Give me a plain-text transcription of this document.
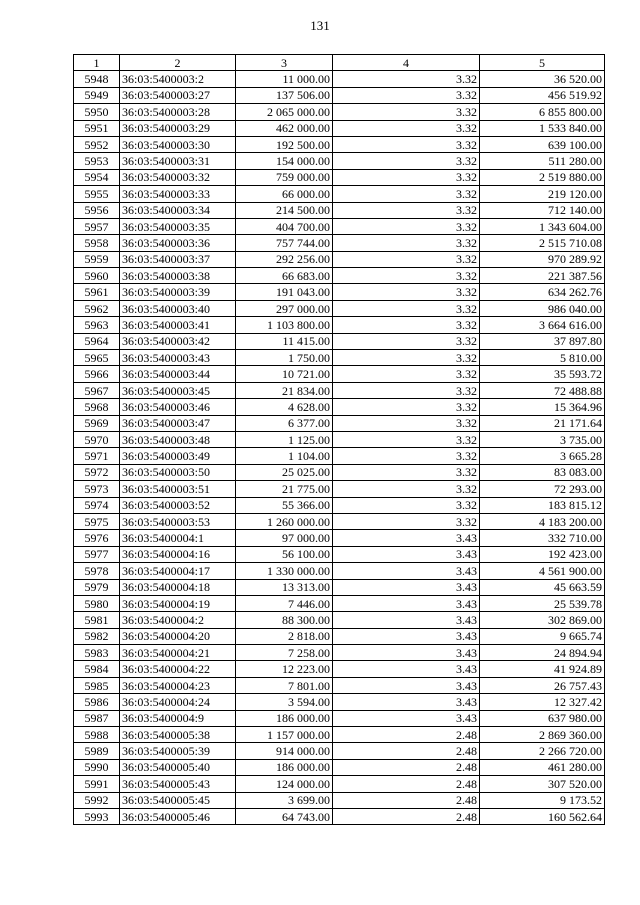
131
1	2	3	4	5
5948	36:03:5400003:2	11 000.00	3.32	36 520.00
5949	36:03:5400003:27	137 506.00	3.32	456 519.92
5950	36:03:5400003:28	2 065 000.00	3.32	6 855 800.00
5951	36:03:5400003:29	462 000.00	3.32	1 533 840.00
5952	36:03:5400003:30	192 500.00	3.32	639 100.00
5953	36:03:5400003:31	154 000.00	3.32	511 280.00
5954	36:03:5400003:32	759 000.00	3.32	2 519 880.00
5955	36:03:5400003:33	66 000.00	3.32	219 120.00
5956	36:03:5400003:34	214 500.00	3.32	712 140.00
5957	36:03:5400003:35	404 700.00	3.32	1 343 604.00
5958	36:03:5400003:36	757 744.00	3.32	2 515 710.08
5959	36:03:5400003:37	292 256.00	3.32	970 289.92
5960	36:03:5400003:38	66 683.00	3.32	221 387.56
5961	36:03:5400003:39	191 043.00	3.32	634 262.76
5962	36:03:5400003:40	297 000.00	3.32	986 040.00
5963	36:03:5400003:41	1 103 800.00	3.32	3 664 616.00
5964	36:03:5400003:42	11 415.00	3.32	37 897.80
5965	36:03:5400003:43	1 750.00	3.32	5 810.00
5966	36:03:5400003:44	10 721.00	3.32	35 593.72
5967	36:03:5400003:45	21 834.00	3.32	72 488.88
5968	36:03:5400003:46	4 628.00	3.32	15 364.96
5969	36:03:5400003:47	6 377.00	3.32	21 171.64
5970	36:03:5400003:48	1 125.00	3.32	3 735.00
5971	36:03:5400003:49	1 104.00	3.32	3 665.28
5972	36:03:5400003:50	25 025.00	3.32	83 083.00
5973	36:03:5400003:51	21 775.00	3.32	72 293.00
5974	36:03:5400003:52	55 366.00	3.32	183 815.12
5975	36:03:5400003:53	1 260 000.00	3.32	4 183 200.00
5976	36:03:5400004:1	97 000.00	3.43	332 710.00
5977	36:03:5400004:16	56 100.00	3.43	192 423.00
5978	36:03:5400004:17	1 330 000.00	3.43	4 561 900.00
5979	36:03:5400004:18	13 313.00	3.43	45 663.59
5980	36:03:5400004:19	7 446.00	3.43	25 539.78
5981	36:03:5400004:2	88 300.00	3.43	302 869.00
5982	36:03:5400004:20	2 818.00	3.43	9 665.74
5983	36:03:5400004:21	7 258.00	3.43	24 894.94
5984	36:03:5400004:22	12 223.00	3.43	41 924.89
5985	36:03:5400004:23	7 801.00	3.43	26 757.43
5986	36:03:5400004:24	3 594.00	3.43	12 327.42
5987	36:03:5400004:9	186 000.00	3.43	637 980.00
5988	36:03:5400005:38	1 157 000.00	2.48	2 869 360.00
5989	36:03:5400005:39	914 000.00	2.48	2 266 720.00
5990	36:03:5400005:40	186 000.00	2.48	461 280.00
5991	36:03:5400005:43	124 000.00	2.48	307 520.00
5992	36:03:5400005:45	3 699.00	2.48	9 173.52
5993	36:03:5400005:46	64 743.00	2.48	160 562.64
